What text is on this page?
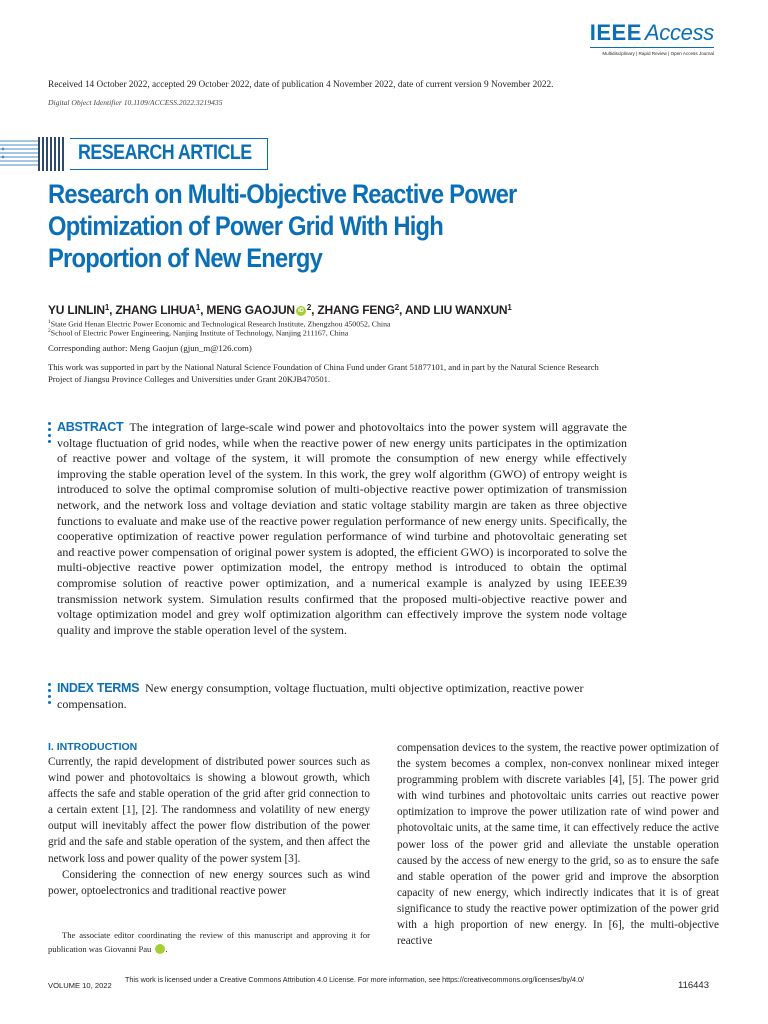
IEEE Access
Multidisciplinary | Rapid Review | Open Access Journal
Received 14 October 2022, accepted 29 October 2022, date of publication 4 November 2022, date of current version 9 November 2022.
Digital Object Identifier 10.1109/ACCESS.2022.3219435
RESEARCH ARTICLE
Research on Multi-Objective Reactive Power Optimization of Power Grid With High Proportion of New Energy
YU LINLIN$^1$, ZHANG LIHUA$^1$, MENG GAOJUN iD $^2$, ZHANG FENG$^2$, AND LIU WANXUN$^1$
$^1$State Grid Henan Electric Power Economic and Technological Research Institute, Zhengzhou 450052, China
$^2$School of Electric Power Engineering, Nanjing Institute of Technology, Nanjing 211167, China
Corresponding author: Meng Gaojun (gjun_m@126.com)
This work was supported in part by the National Natural Science Foundation of China Fund under Grant 51877101, and in part by the Natural Science Research Project of Jiangsu Province Colleges and Universities under Grant 20KJB470501.
ABSTRACT The integration of large-scale wind power and photovoltaics into the power system will aggravate the voltage fluctuation of grid nodes, while when the reactive power of new energy units participates in the optimization of reactive power and voltage of the system, it will promote the consumption of new energy while effectively improving the stable operation level of the system. In this work, the grey wolf algorithm (GWO) of entropy weight is introduced to solve the optimal compromise solution of multi-objective reactive power optimization of transmission network, and the network loss and voltage deviation and static voltage stability margin are taken as three objective functions to evaluate and make use of the reactive power regulation performance of new energy units. Specifically, the cooperative optimization of reactive power regulation performance of wind turbine and photovoltaic generating set and reactive power compensation of original power system is adopted, the efficient GWO) is incorporated to solve the multi-objective reactive power optimization model, the entropy method is introduced to obtain the optimal compromise solution of reactive power optimization, and a numerical example is analyzed by using IEEE39 transmission network system. Simulation results confirmed that the proposed multi-objective reactive power and voltage optimization model and grey wolf optimization algorithm can effectively improve the system node voltage quality and improve the stable operation level of the system.
INDEX TERMS New energy consumption, voltage fluctuation, multi objective optimization, reactive power compensation.
I. INTRODUCTION

Currently, the rapid development of distributed power sources such as wind power and photovoltaics is showing a blowout growth, which affects the safe and stable operation of the grid after grid connection to a certain extent [1], [2]. The randomness and volatility of new energy output will inevitably affect the power flow distribution of the power grid and the safe and stable operation of the system, and then affect the network loss and power quality of the power system [3].

Considering the connection of new energy sources such as wind power, optoelectronics and traditional reactive power

compensation devices to the system, the reactive power optimization of the system becomes a complex, non-convex nonlinear mixed integer programming problem with discrete variables [4], [5]. The power grid with wind turbines and photovoltaic units carries out reactive power optimization to improve the power utilization rate of wind power and photovoltaic units, at the same time, it can effectively reduce the active power loss of the power grid and alleviate the unstable operation caused by the access of new energy to the grid, so as to ensure the safe and stable operation of the power grid and improve the absorption capacity of new energy, which indirectly indicates that it is of great significance to study the reactive power optimization of the power grid with a high proportion of new energy. In [6], the multi-objective reactive

The associate editor coordinating the review of this manuscript and approving it for publication was Giovanni Pau	iD.
VOLUME 10, 2022
This work is licensed under a Creative Commons Attribution 4.0 License. For more information, see https://creativecommons.org/licenses/by/4.0/
116443
